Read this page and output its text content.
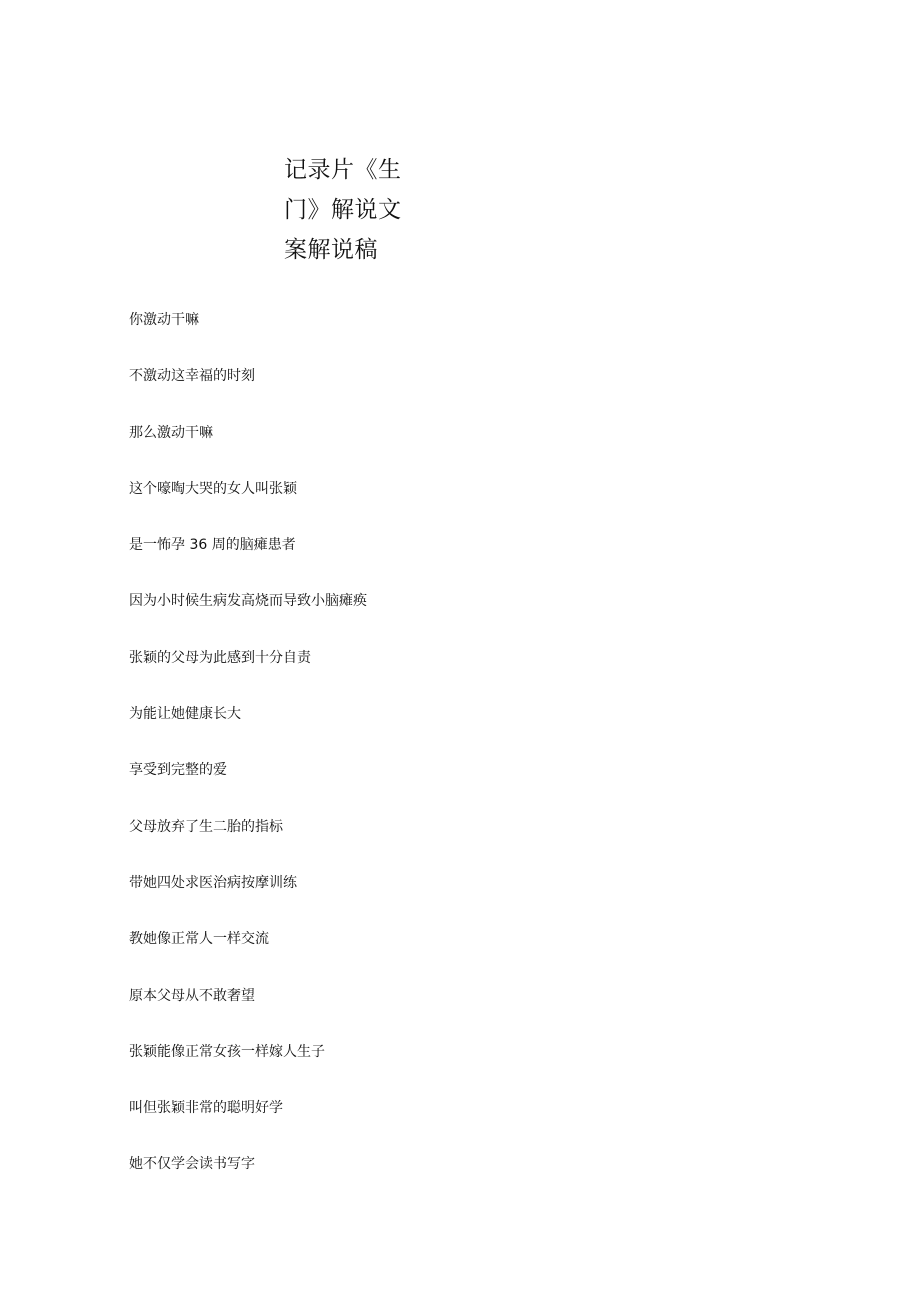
记录片《生
门》解说文
案解说稿
你激动干嘛
不激动这幸福的时刻
那么激动干嘛
这个嚎啕大哭的女人叫张颖
是一怖孕 36 周的脑瘫患者
因为小时候生病发高烧而导致小脑瘫痪
张颖的父母为此感到十分自责
为能让她健康长大
享受到完整的爱
父母放弃了生二胎的指标
带她四处求医治病按摩训练
教她像正常人一样交流
原本父母从不敢奢望
张颖能像正常女孩一样嫁人生子
叫但张颖非常的聪明好学
她不仅学会读书写字
